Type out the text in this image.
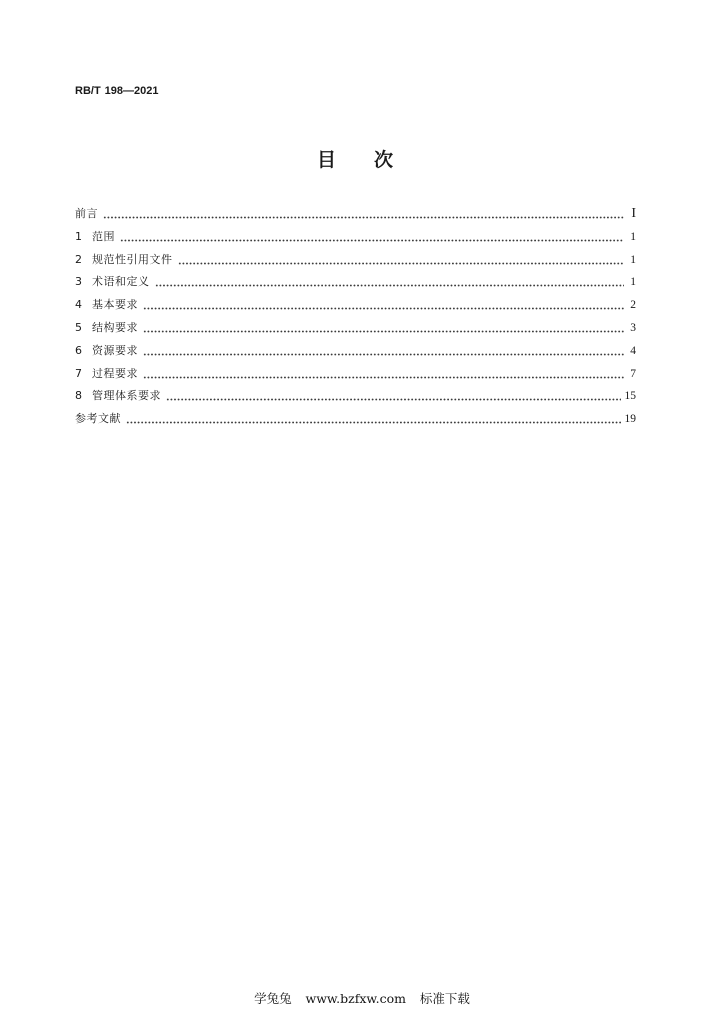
RB/T 198—2021
目　　次
前言	I
1 范围	1
2 规范性引用文件	1
3 术语和定义	1
4 基本要求	2
5 结构要求	3
6 资源要求	4
7 过程要求	7
8 管理体系要求	15
参考文献	19
学兔兔 www.bzfxw.com 标准下载
